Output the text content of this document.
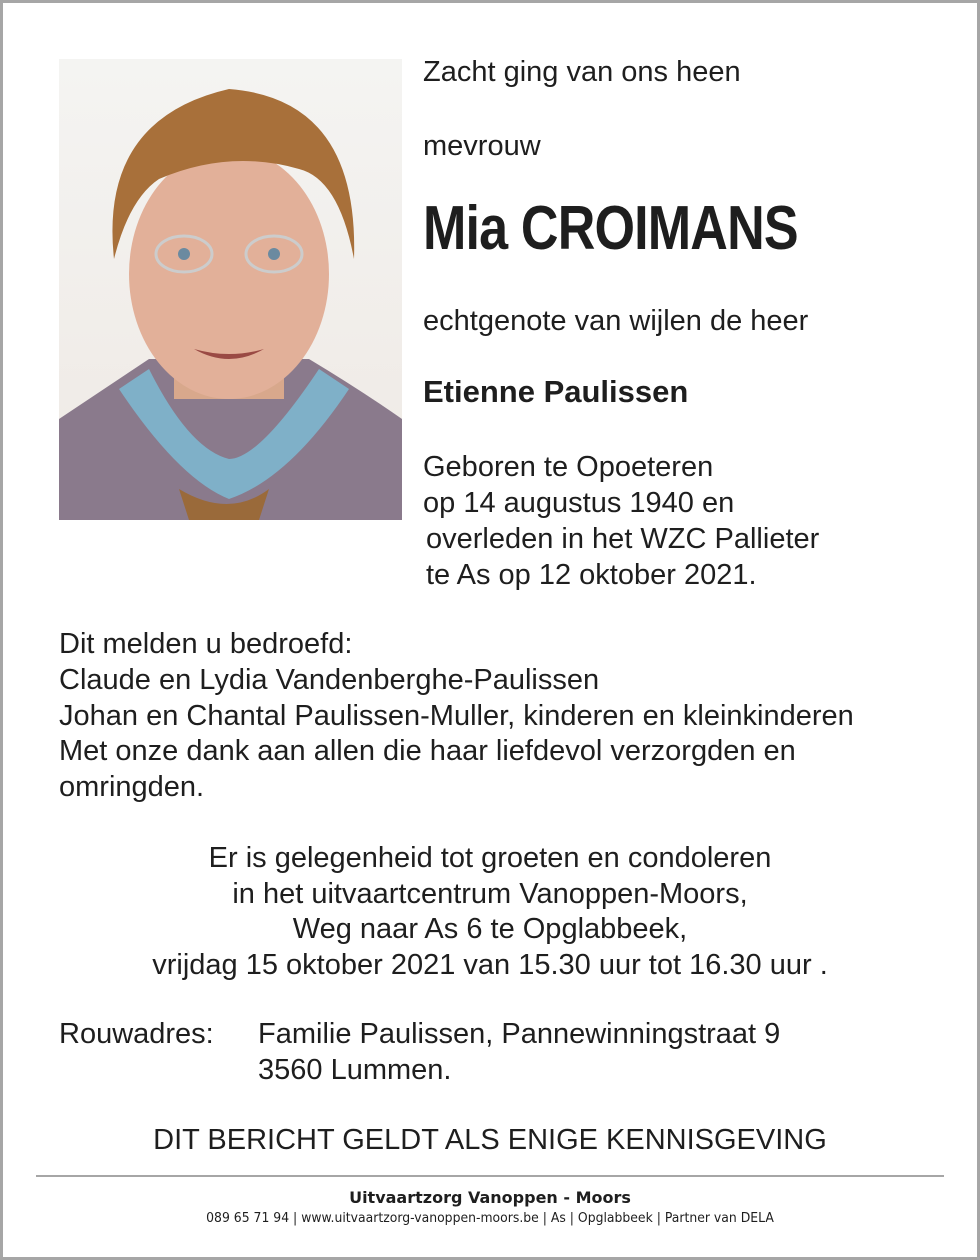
Zacht ging van ons heen
mevrouw
Mia CROIMANS
echtgenote van wijlen de heer
Etienne Paulissen
Geboren te Opoeteren
op 14 augustus 1940 en
overleden in het WZC Pallieter
te As op 12 oktober 2021.
Dit melden u bedroefd:
Claude en Lydia Vandenberghe-Paulissen
Johan en Chantal Paulissen-Muller, kinderen en kleinkinderen
Met onze dank aan allen die haar liefdevol verzorgden en
omringden.
Er is gelegenheid tot groeten en condoleren
in het uitvaartcentrum Vanoppen-Moors,
Weg naar As 6 te Opglabbeek,
vrijdag 15 oktober 2021 van 15.30 uur tot 16.30 uur .
Rouwadres: Familie Paulissen, Pannewinningstraat 9
3560 Lummen.
DIT BERICHT GELDT ALS ENIGE KENNISGEVING
Uitvaartzorg Vanoppen - Moors
089 65 71 94 | www.uitvaartzorg-vanoppen-moors.be | As | Opglabbeek | Partner van DELA
